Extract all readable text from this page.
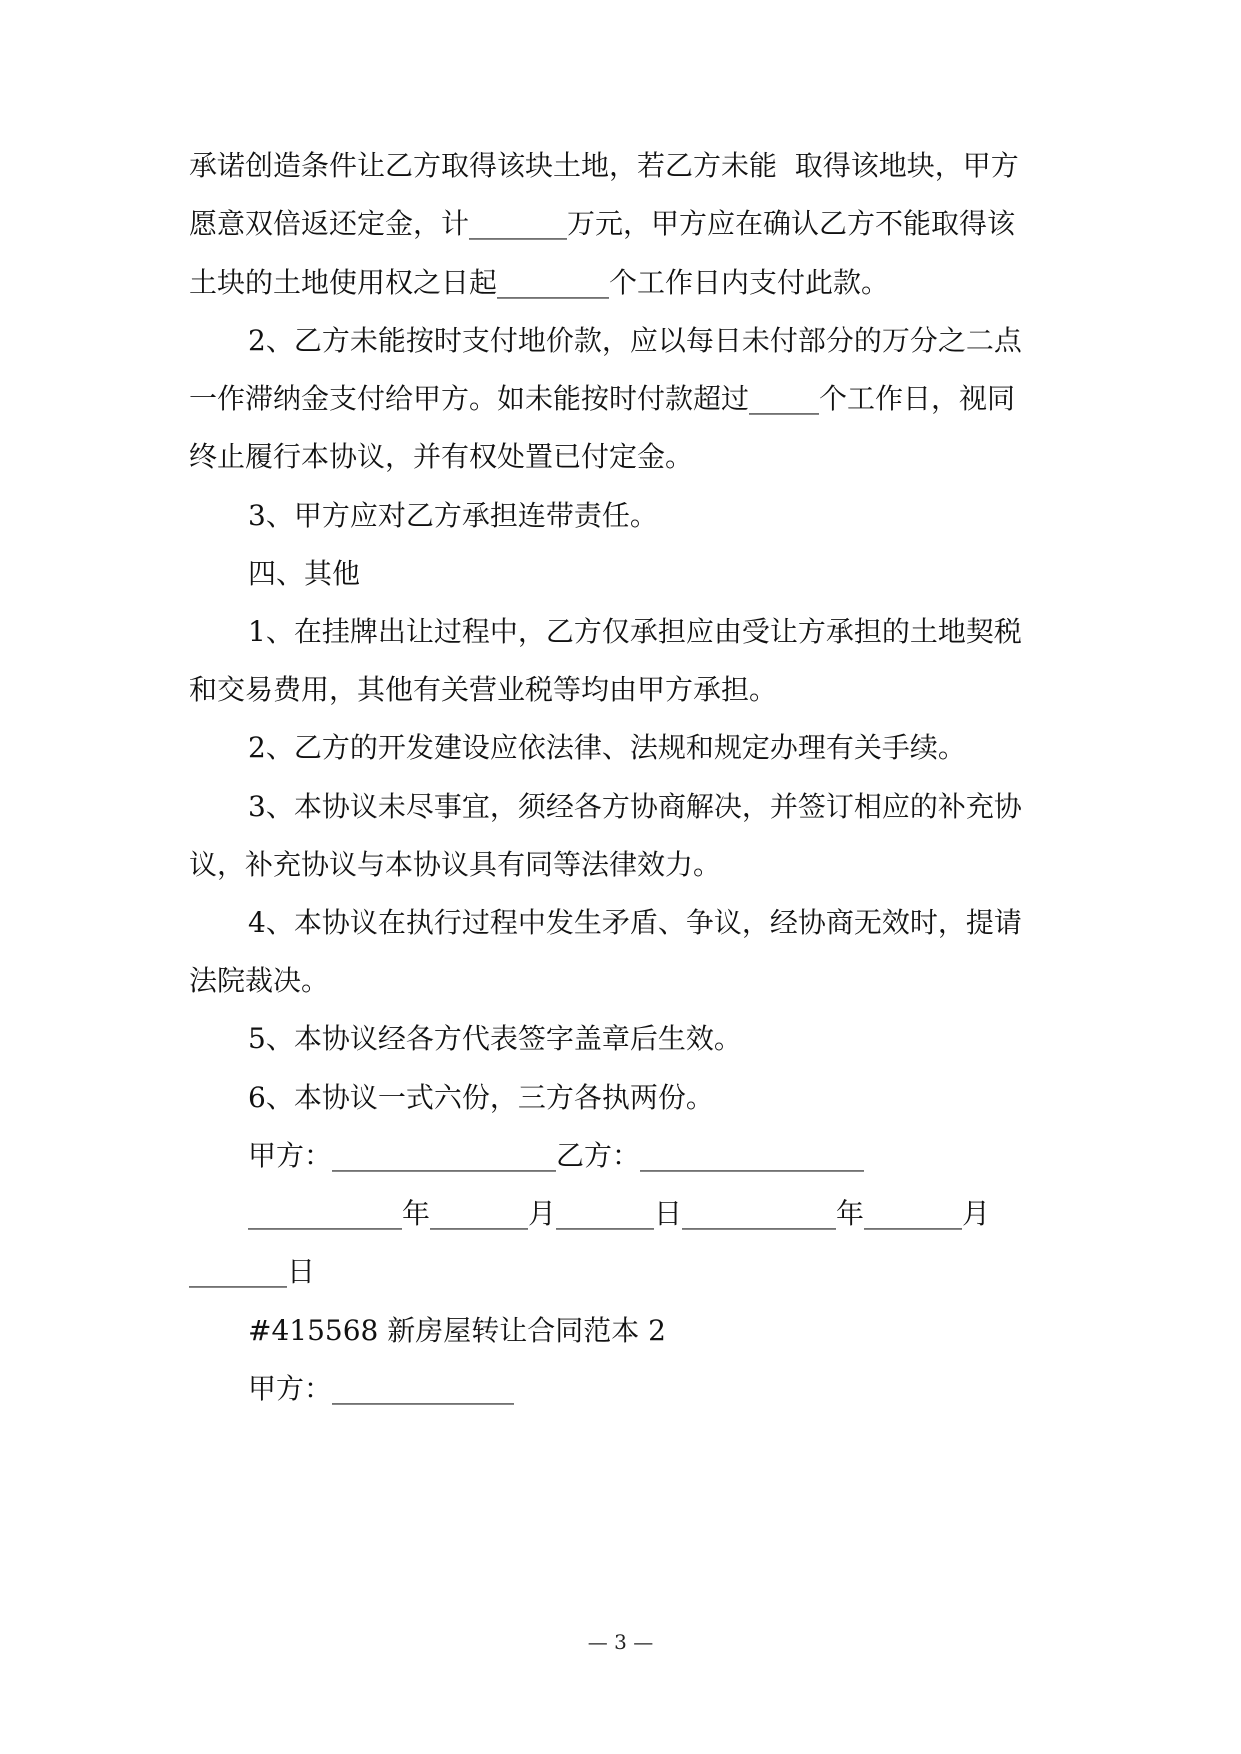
承诺创造条件让乙方取得该块土地，若乙方未能  取得该地块，甲方
愿意双倍返还定金，计_______万元，甲方应在确认乙方不能取得该
土块的土地使用权之日起________个工作日内支付此款。
2、乙方未能按时支付地价款，应以每日未付部分的万分之二点
一作滞纳金支付给甲方。如未能按时付款超过_____个工作日，视同
终止履行本协议，并有权处置已付定金。
3、甲方应对乙方承担连带责任。
四、其他
1、在挂牌出让过程中，乙方仅承担应由受让方承担的土地契税
和交易费用，其他有关营业税等均由甲方承担。
2、乙方的开发建设应依法律、法规和规定办理有关手续。
3、本协议未尽事宜，须经各方协商解决，并签订相应的补充协
议，补充协议与本协议具有同等法律效力。
4、本协议在执行过程中发生矛盾、争议，经协商无效时，提请
法院裁决。
5、本协议经各方代表签字盖章后生效。
6、本协议一式六份，三方各执两份。
甲方：________________乙方：________________
___________年_______月_______日___________年_______月
_______日
#415568 新房屋转让合同范本 2
甲方：_____________
— 3 —
